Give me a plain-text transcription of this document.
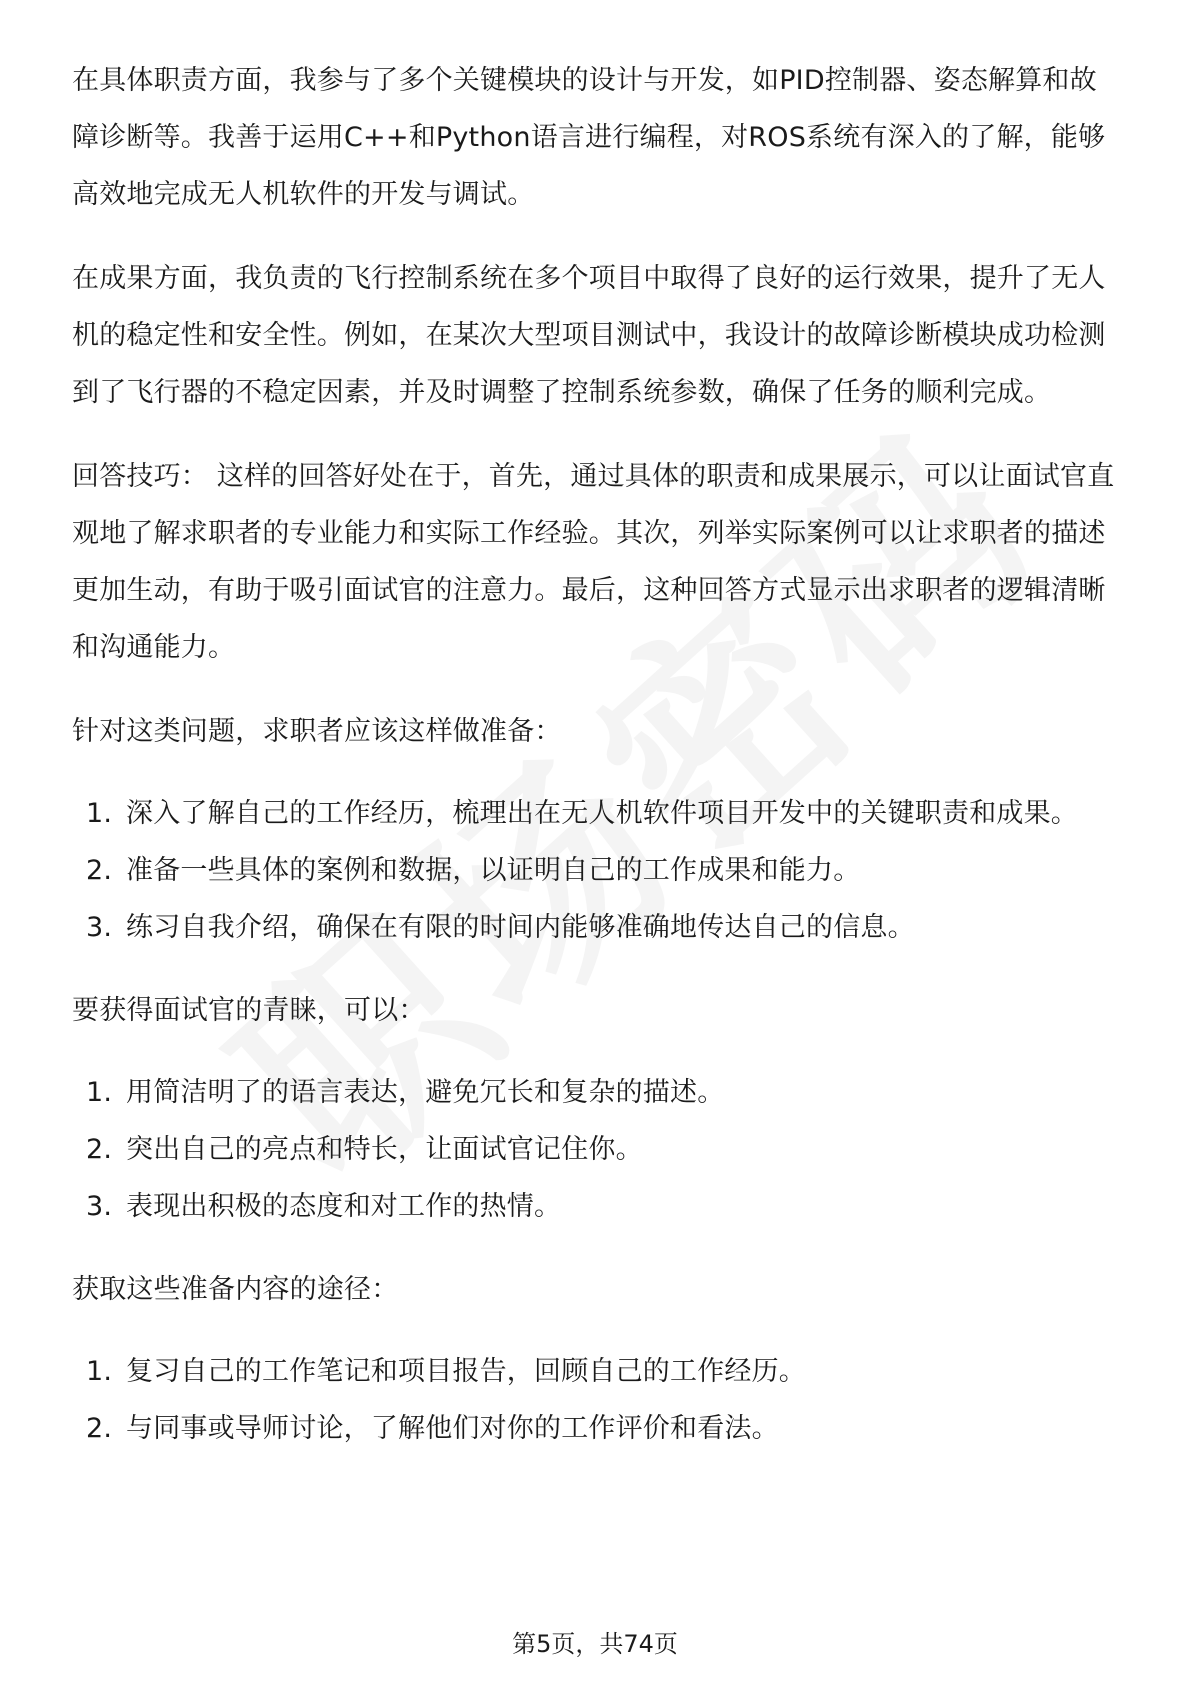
在具体职责方面，我参与了多个关键模块的设计与开发，如PID控制器、姿态解算和故障诊断等。我善于运用C++和Python语言进行编程，对ROS系统有深入的了解，能够高效地完成无人机软件的开发与调试。

在成果方面，我负责的飞行控制系统在多个项目中取得了良好的运行效果，提升了无人机的稳定性和安全性。例如，在某次大型项目测试中，我设计的故障诊断模块成功检测到了飞行器的不稳定因素，并及时调整了控制系统参数，确保了任务的顺利完成。

回答技巧： 这样的回答好处在于，首先，通过具体的职责和成果展示，可以让面试官直观地了解求职者的专业能力和实际工作经验。其次，列举实际案例可以让求职者的描述更加生动，有助于吸引面试官的注意力。最后，这种回答方式显示出求职者的逻辑清晰和沟通能力。

针对这类问题，求职者应该这样做准备：

1. 深入了解自己的工作经历，梳理出在无人机软件项目开发中的关键职责和成果。
2. 准备一些具体的案例和数据，以证明自己的工作成果和能力。
3. 练习自我介绍，确保在有限的时间内能够准确地传达自己的信息。

要获得面试官的青睐，可以：

1. 用简洁明了的语言表达，避免冗长和复杂的描述。
2. 突出自己的亮点和特长，让面试官记住你。
3. 表现出积极的态度和对工作的热情。

获取这些准备内容的途径：

1. 复习自己的工作笔记和项目报告，回顾自己的工作经历。
2. 与同事或导师讨论，了解他们对你的工作评价和看法。
第5页，共74页
